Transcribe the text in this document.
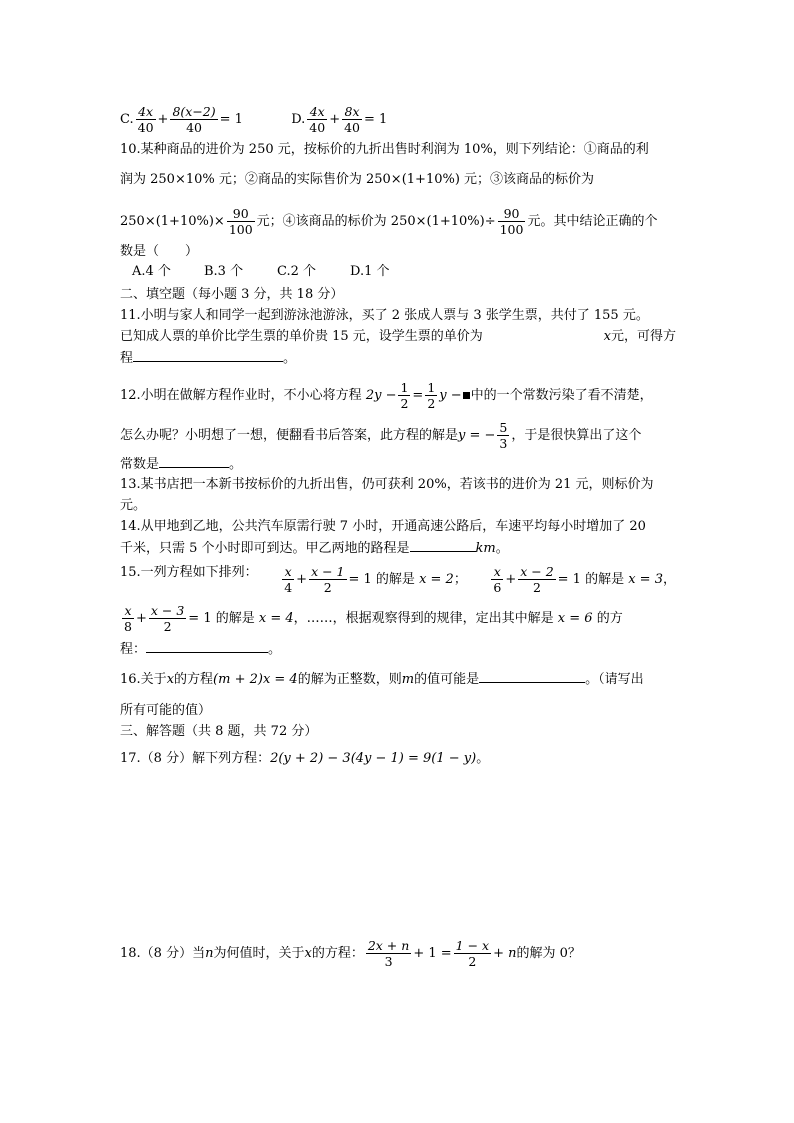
C. $\frac{4x}{40} + \frac{8(x-2)}{40} = 1$	D. $\frac{4x}{40} + \frac{8x}{40} = 1$
10.某种商品的进价为 250 元，按标价的九折出售时利润为 10%，则下列结论：①商品的利
润为 250×10% 元；②商品的实际售价为 250×(1+10%) 元；③该商品的标价为
$250\times(1+10\%)\times \frac{90}{100}$ 元；④该商品的标价为 $250\times(1+10\%)\div \frac{90}{100}$ 元。其中结论正确的个
数是（　　）
A.4 个	B.3 个	C.2 个	D.1 个
二、填空题（每小题 3 分，共 18 分）
11.小明与家人和同学一起到游泳池游泳，买了 2 张成人票与 3 张学生票，共付了 155 元。
已知成人票的单价比学生票的单价贵 15 元，设学生票的单价为	x元，可得方
程	。
12.小明在做解方程作业时，不小心将方程 $2y - \frac{1}{2} = \frac{1}{2}$ y − 中的一个常数污染了看不清楚，
怎么办呢？小明想了一想，便翻看书后答案，此方程的解是y = − $\frac{5}{3}$ ，于是很快算出了这个
常数是	。
13.某书店把一本新书按标价的九折出售，仍可获利 20%，若该书的进价为 21 元，则标价为
元。
14.从甲地到乙地，公共汽车原需行驶 7 小时，开通高速公路后，车速平均每小时增加了 20
千米，只需 5 个小时即可到达。甲乙两地的路程是	km。
15.一列方程如下排列： $\frac{x}{4} + \frac{x - 1}{2} = 1$ 的解是 x = 2； $\frac{x}{6} + \frac{x - 2}{2} = 1$ 的解是 x = 3，
$\frac{x}{8} + \frac{x - 3}{2} = 1$ 的解是 x = 4，……，根据观察得到的规律，定出其中解是 x = 6 的方
程：	。
16.关于x的方程(m + 2)x = 4的解为正整数，则m的值可能是	。（请写出
所有可能的值）
三、解答题（共 8 题，共 72 分）
17.（8 分）解下列方程：2(y + 2) − 3(4y − 1) = 9(1 − y)。
18.（8 分）当n为何值时，关于x的方程： $\frac{2x + n}{3} + 1 = \frac{1 - x}{2} + n$的解为 0？
